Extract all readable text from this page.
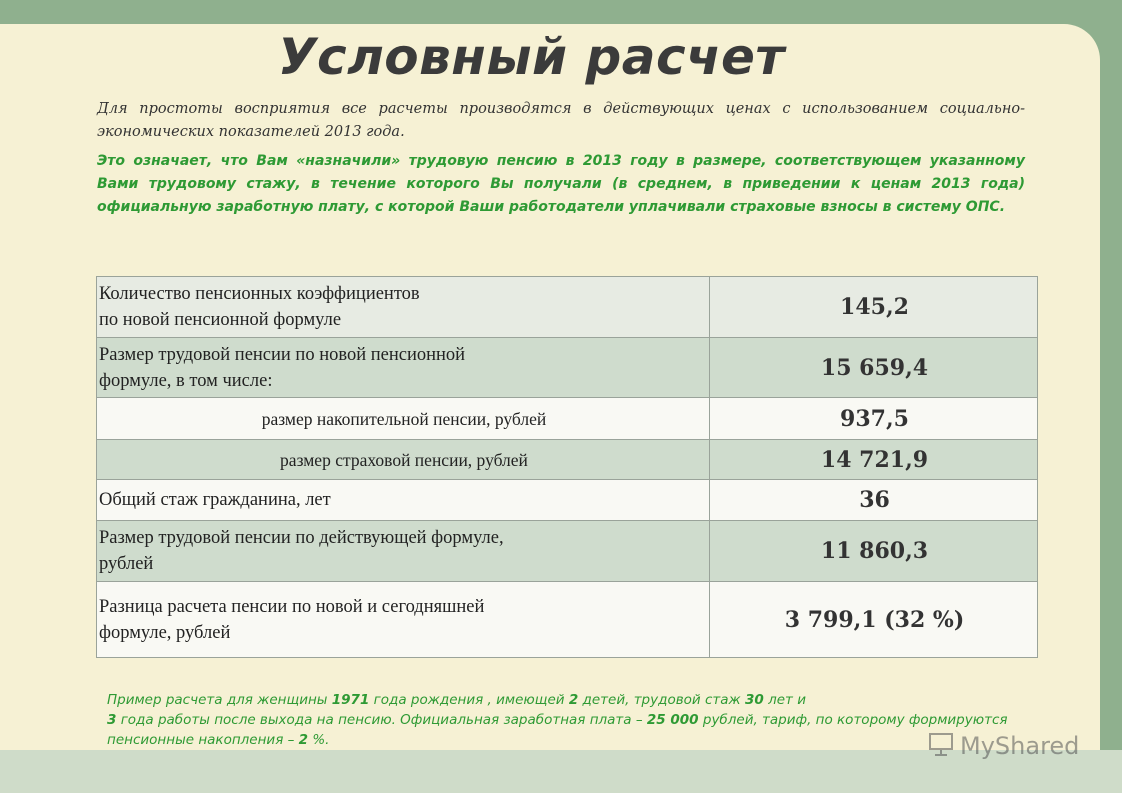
Условный расчет

Для простоты восприятия все расчеты производятся в действующих ценах с использованием социально-экономических показателей 2013 года.

Это означает, что Вам «назначили» трудовую пенсию в 2013 году в размере, соответствующем указанному Вами трудовому стажу, в течение которого Вы получали (в среднем, в приведении к ценам 2013 года) официальную заработную плату, с которой Ваши работодатели уплачивали страховые взносы в систему ОПС.

Количество пенсионных коэффициентов
по новой пенсионной формуле	145,2
Размер трудовой пенсии по новой пенсионной
формуле, в том числе:	15 659,4
размер накопительной пенсии, рублей	937,5
размер страховой пенсии, рублей	14 721,9
Общий стаж гражданина, лет	36
Размер трудовой пенсии по действующей формуле,
рублей	11 860,3
Разница расчета пенсии по новой и сегодняшней
формуле, рублей	3 799,1 (32 %)

Пример расчета для женщины 1971 года рождения , имеющей 2 детей, трудовой стаж 30 лет и
3 года работы после выхода на пенсию. Официальная заработная плата – 25 000 рублей, тариф, по которому формируются пенсионные накопления – 2 %.	MyShared
